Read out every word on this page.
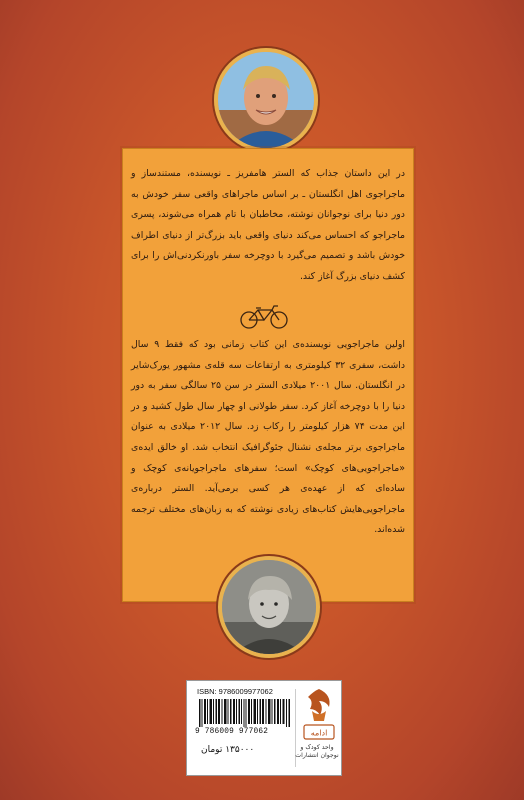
در این داستان جذاب که الستر هامفریز ـ نویسنده، مستندساز و ماجراجوی اهل انگلستان ـ بر اساس ماجراهای واقعی سفر خودش به دور دنیا برای نوجوانان نوشته، مخاطبان با تام همراه می‌شوند، پسری ماجراجو که احساس می‌کند دنیای واقعی باید بزرگ‌تر از دنیای اطراف خودش باشد و تصمیم می‌گیرد با دوچرخه سفر باورنکردنی‌اش را برای کشف دنیای بزرگ آغاز کند.
اولین ماجراجویی نویسنده‌ی این کتاب زمانی بود که فقط ۹ سال داشت، سفری ۳۲ کیلومتری به ارتفاعات سه قله‌ی مشهور یورک‌شایر در انگلستان. سال ۲۰۰۱ میلادی الستر در سن ۲۵ سالگی سفر به دور دنیا را با دوچرخه آغاز کرد. سفر طولانی او چهار سال طول کشید و در این مدت ۷۴ هزار کیلومتر را رکاب زد. سال ۲۰۱۲ میلادی به عنوان ماجراجوی برتر مجله‌ی نشنال جئوگرافیک انتخاب شد. او خالق ایده‌ی «ماجراجویی‌های کوچک» است؛ سفرهای ماجراجویانه‌ی کوچک و ساده‌ای که از عهده‌ی هر کسی برمی‌آید. الستر درباره‌ی ماجراجویی‌هایش کتاب‌های زیادی نوشته که به زبان‌های مختلف ترجمه شده‌اند.
ISBN: 9786009977062
9 786009 977062
۱۳۵۰۰۰ تومان
ادامه
واحد کودک و نوجوان انتشارات
